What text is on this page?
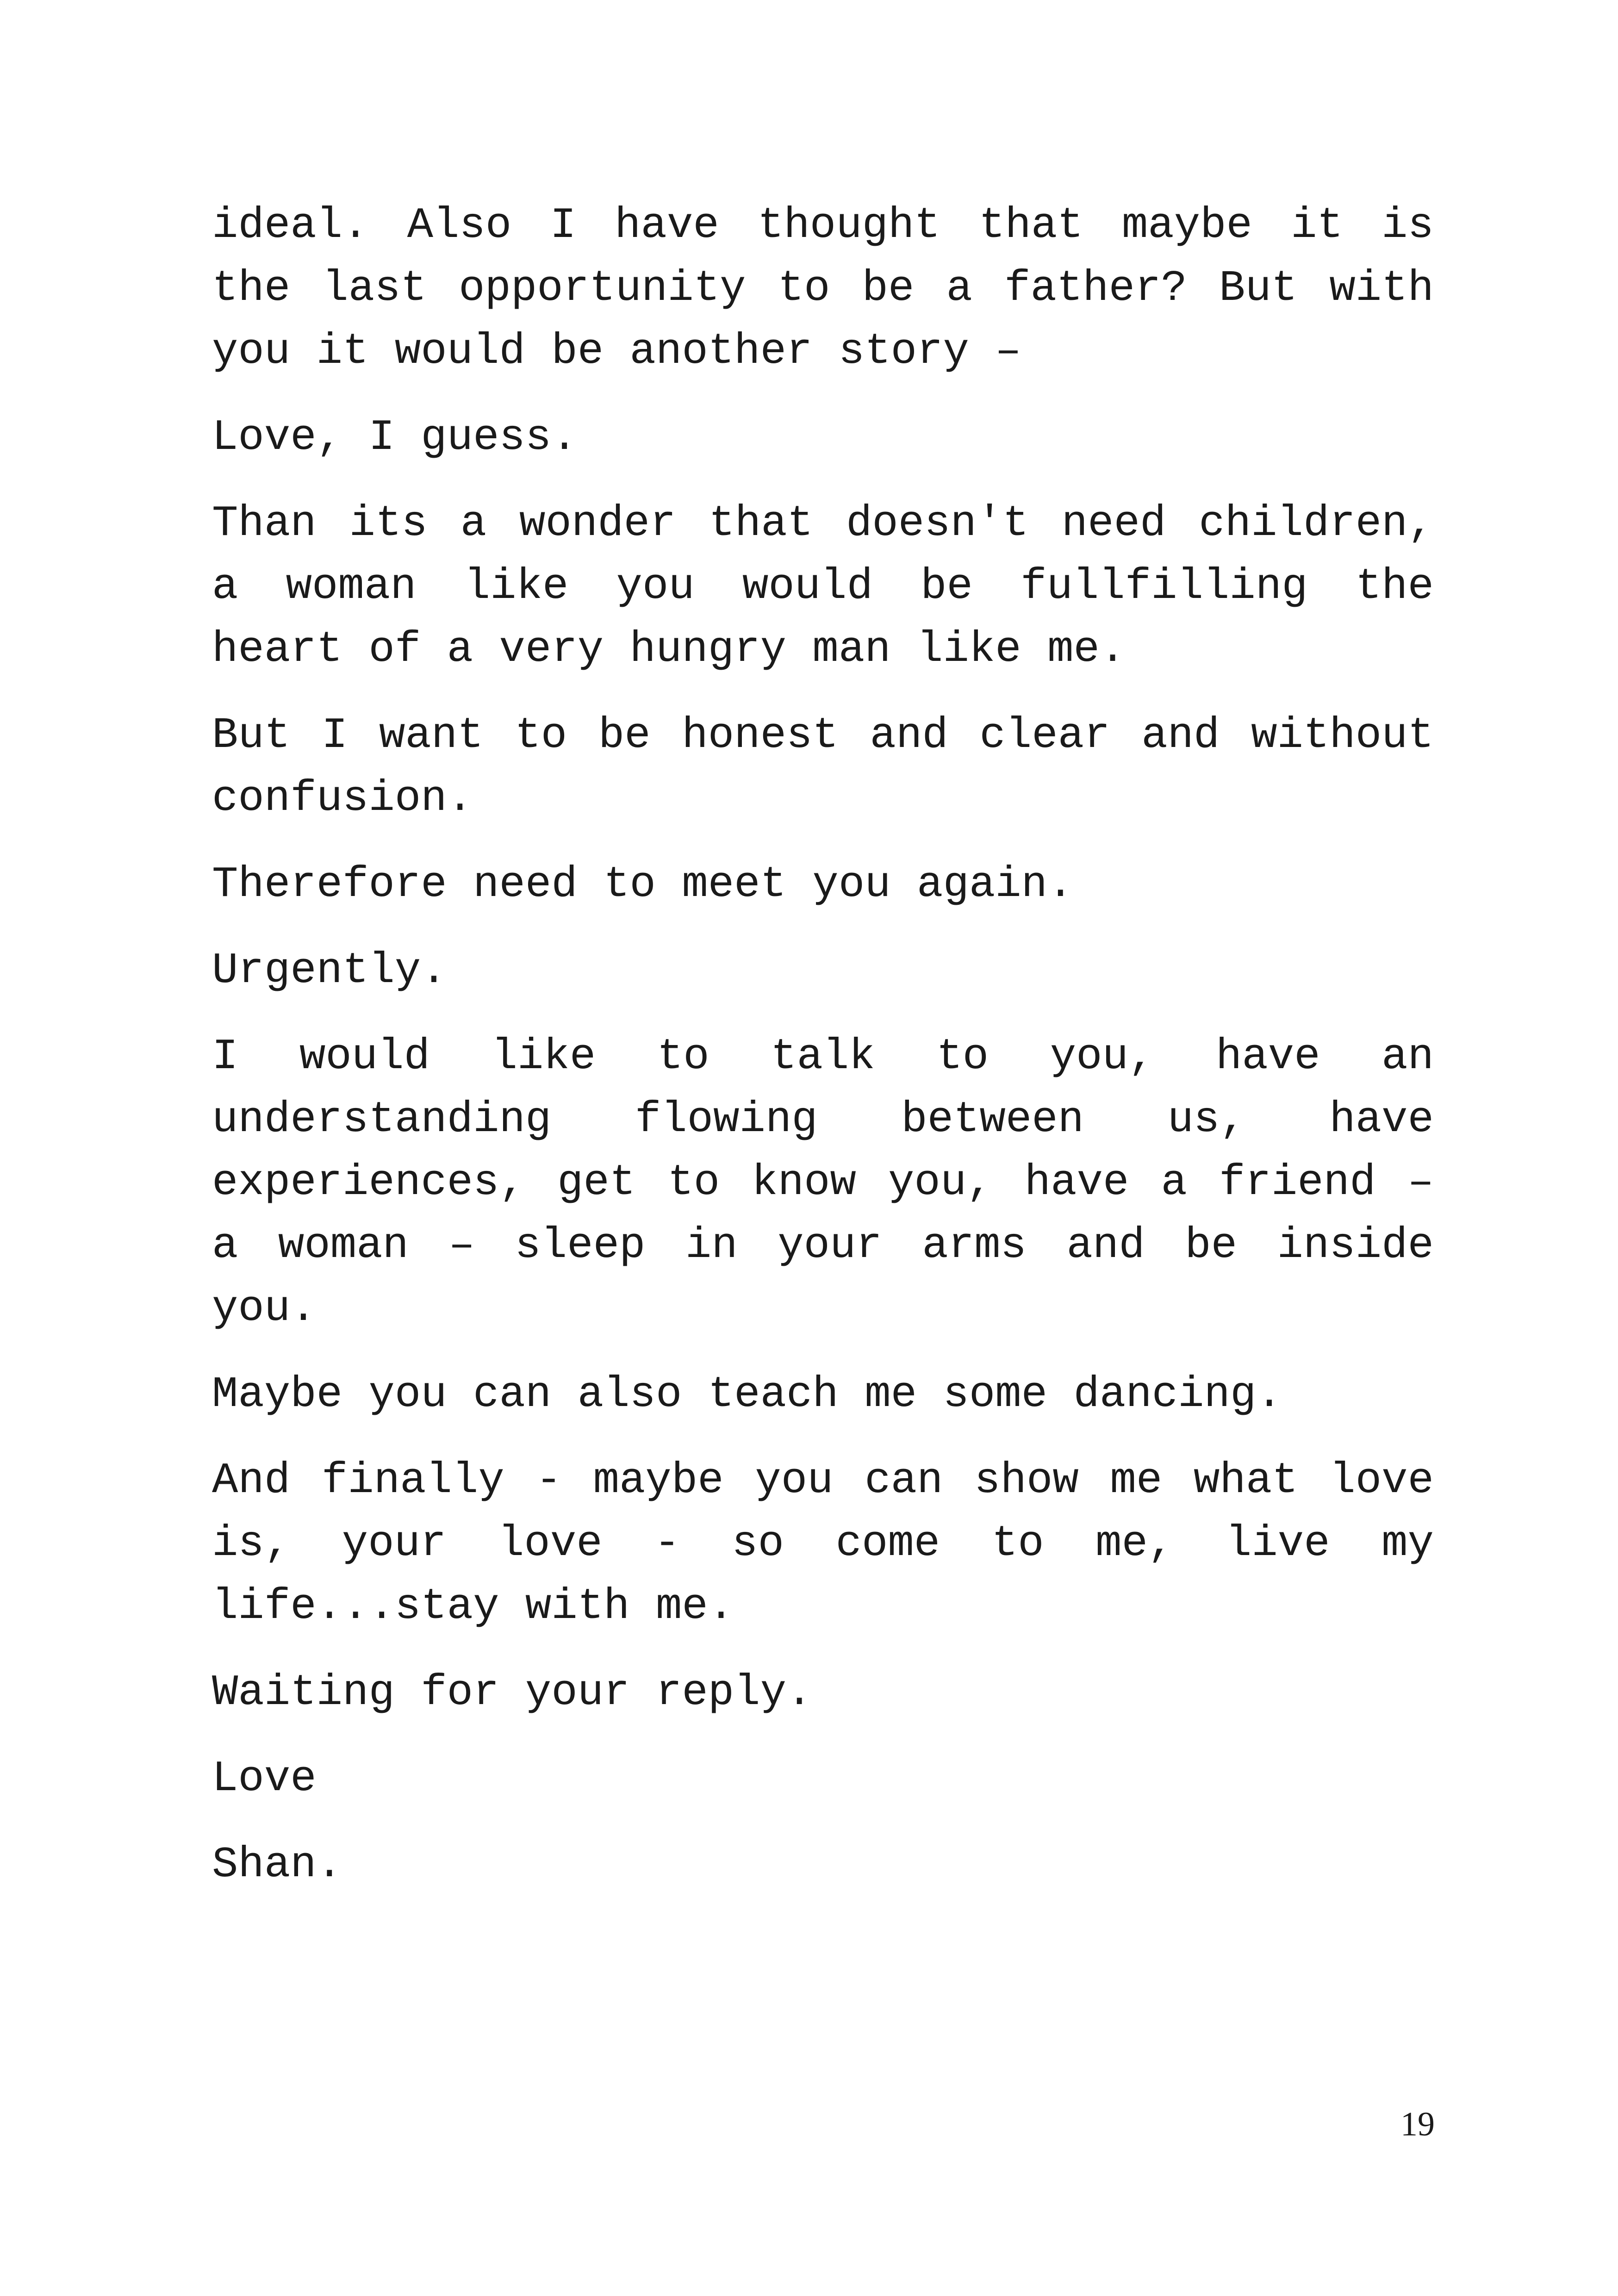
ideal. Also I have thought that maybe it is the last opportunity to be a father? But with you it would be another story –

Love, I guess.

Than its a wonder that doesn't need children, a woman like you would be fullfilling the heart of a very hungry man like me.

But I want to be honest and clear and without confusion.

Therefore need to meet you again.

Urgently.

I would like to talk to you, have an understanding flowing between us, have experiences, get to know you, have a friend – a woman – sleep in your arms and be inside you.

Maybe you can also teach me some dancing.

And finally - maybe you can show me what love is, your love - so come to me, live my life...stay with me.

Waiting for your reply.

Love

Shan.

19
